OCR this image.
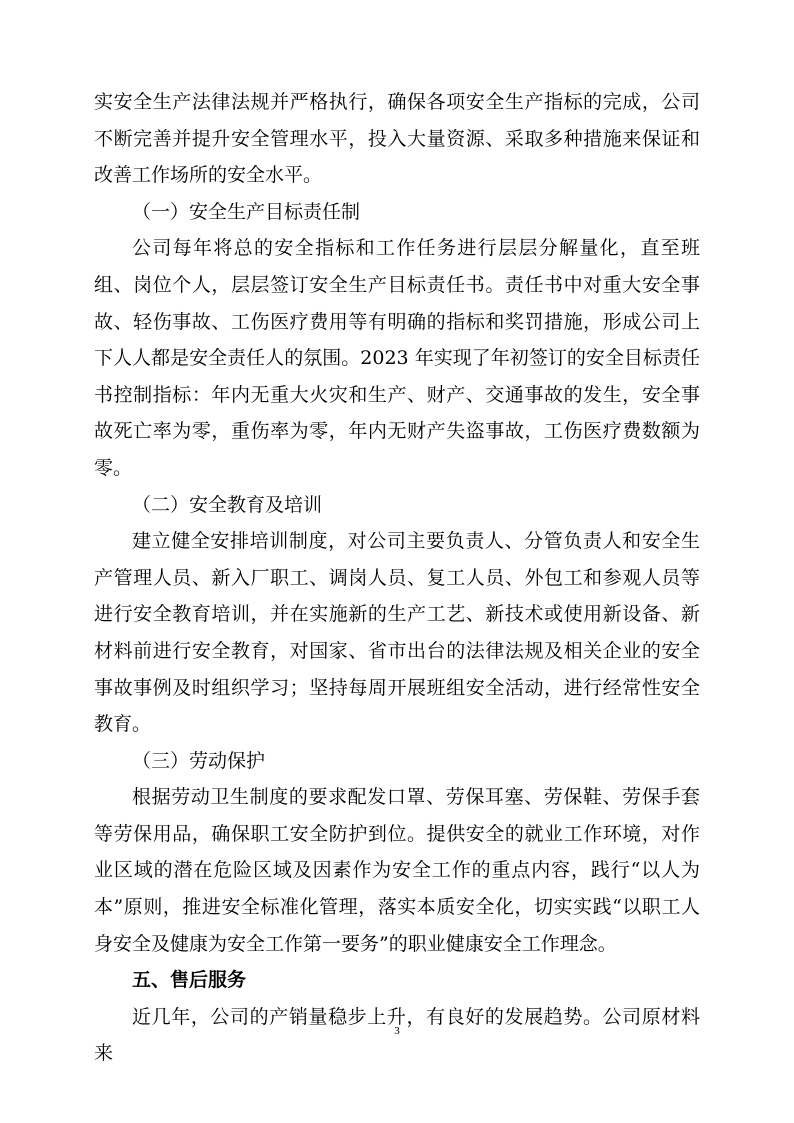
实安全生产法律法规并严格执行，确保各项安全生产指标的完成，公司不断完善并提升安全管理水平，投入大量资源、采取多种措施来保证和改善工作场所的安全水平。

（一）安全生产目标责任制

公司每年将总的安全指标和工作任务进行层层分解量化，直至班组、岗位个人，层层签订安全生产目标责任书。责任书中对重大安全事故、轻伤事故、工伤医疗费用等有明确的指标和奖罚措施，形成公司上下人人都是安全责任人的氛围。2023 年实现了年初签订的安全目标责任书控制指标：年内无重大火灾和生产、财产、交通事故的发生，安全事故死亡率为零，重伤率为零，年内无财产失盗事故，工伤医疗费数额为零。

（二）安全教育及培训

建立健全安排培训制度，对公司主要负责人、分管负责人和安全生产管理人员、新入厂职工、调岗人员、复工人员、外包工和参观人员等进行安全教育培训，并在实施新的生产工艺、新技术或使用新设备、新材料前进行安全教育，对国家、省市出台的法律法规及相关企业的安全事故事例及时组织学习；坚持每周开展班组安全活动，进行经常性安全教育。

（三）劳动保护

根据劳动卫生制度的要求配发口罩、劳保耳塞、劳保鞋、劳保手套等劳保用品，确保职工安全防护到位。提供安全的就业工作环境，对作业区域的潜在危险区域及因素作为安全工作的重点内容，践行“以人为本”原则，推进安全标准化管理，落实本质安全化，切实实践“以职工人身安全及健康为安全工作第一要务”的职业健康安全工作理念。

五、售后服务

近几年，公司的产销量稳步上升，有良好的发展趋势。公司原材料来

3
